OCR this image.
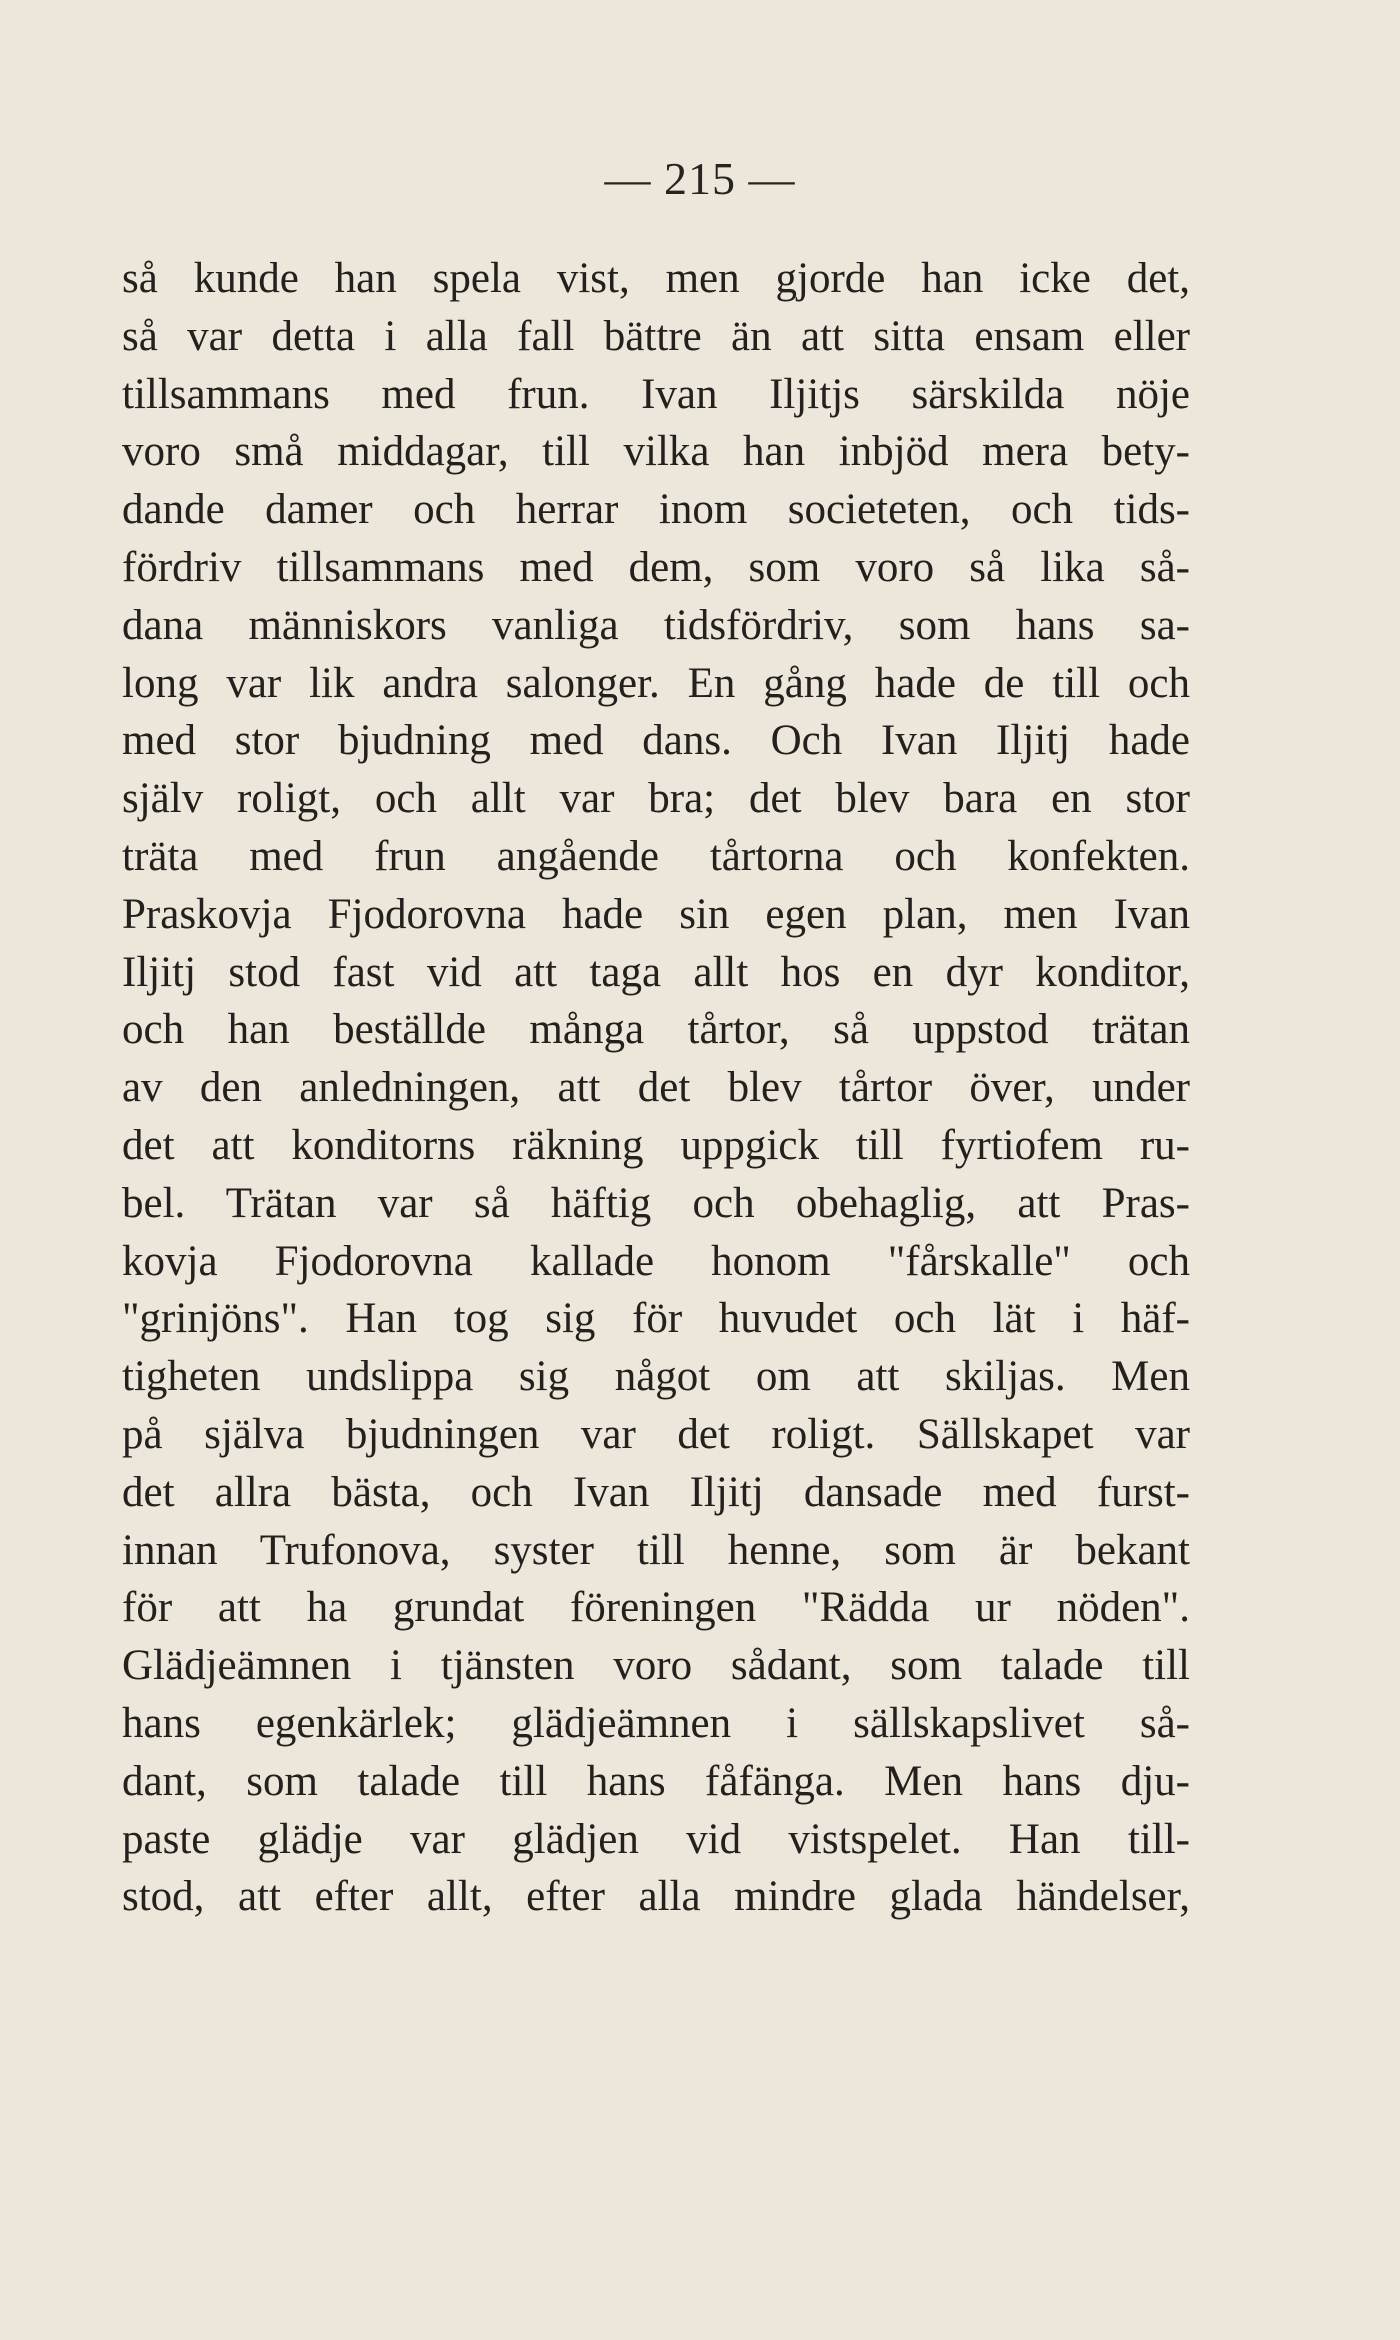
— 215 —
så kunde han spela vist, men gjorde han icke det,
så var detta i alla fall bättre än att sitta ensam eller
tillsammans med frun. Ivan Iljitjs särskilda nöje
voro små middagar, till vilka han inbjöd mera bety-
dande damer och herrar inom societeten, och tids-
fördriv tillsammans med dem, som voro så lika så-
dana människors vanliga tidsfördriv, som hans sa-
long var lik andra salonger. En gång hade de till och
med stor bjudning med dans. Och Ivan Iljitj hade
själv roligt, och allt var bra; det blev bara en stor
träta med frun angående tårtorna och konfekten.
Praskovja Fjodorovna hade sin egen plan, men Ivan
Iljitj stod fast vid att taga allt hos en dyr konditor,
och han beställde många tårtor, så uppstod trätan
av den anledningen, att det blev tårtor över, under
det att konditorns räkning uppgick till fyrtiofem ru-
bel. Trätan var så häftig och obehaglig, att Pras-
kovja Fjodorovna kallade honom "fårskalle" och
"grinjöns". Han tog sig för huvudet och lät i häf-
tigheten undslippa sig något om att skiljas. Men
på själva bjudningen var det roligt. Sällskapet var
det allra bästa, och Ivan Iljitj dansade med furst-
innan Trufonova, syster till henne, som är bekant
för att ha grundat föreningen "Rädda ur nöden".
Glädjeämnen i tjänsten voro sådant, som talade till
hans egenkärlek; glädjeämnen i sällskapslivet så-
dant, som talade till hans fåfänga. Men hans dju-
paste glädje var glädjen vid vistspelet. Han till-
stod, att efter allt, efter alla mindre glada händelser,
